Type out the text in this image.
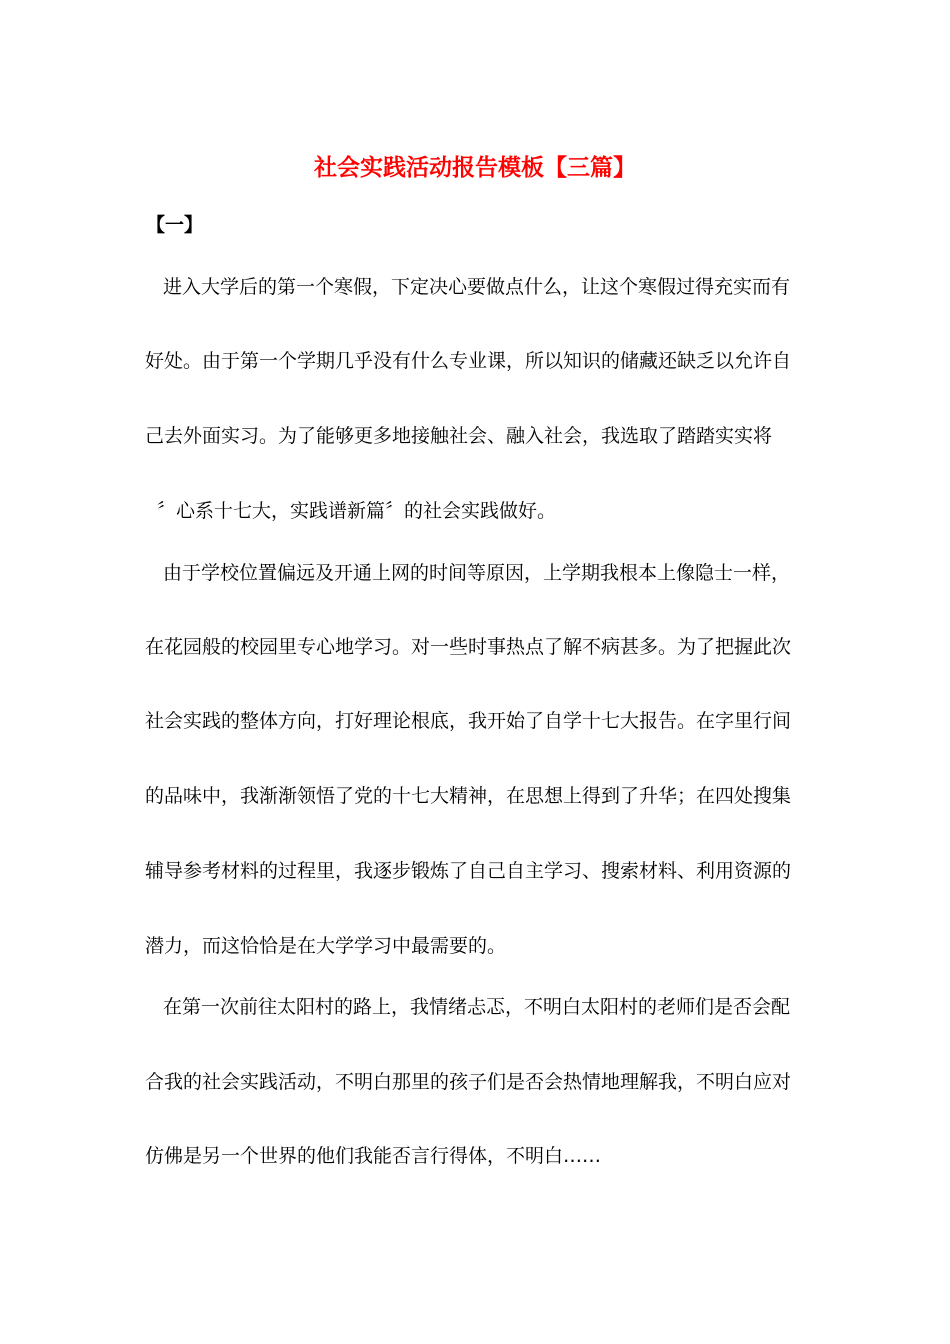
社会实践活动报告模板【三篇】
【一】
进入大学后的第一个寒假，下定决心要做点什么，让这个寒假过得充实而有
好处。由于第一个学期几乎没有什么专业课，所以知识的储藏还缺乏以允许自
己去外面实习。为了能够更多地接触社会、融入社会，我选取了踏踏实实将
〞心系十七大，实践谱新篇〞的社会实践做好。
由于学校位置偏远及开通上网的时间等原因，上学期我根本上像隐士一样，
在花园般的校园里专心地学习。对一些时事热点了解不病甚多。为了把握此次
社会实践的整体方向，打好理论根底，我开始了自学十七大报告。在字里行间
的品味中，我渐渐领悟了党的十七大精神，在思想上得到了升华；在四处搜集
辅导参考材料的过程里，我逐步锻炼了自己自主学习、搜索材料、利用资源的
潜力，而这恰恰是在大学学习中最需要的。
在第一次前往太阳村的路上，我情绪忐忑，不明白太阳村的老师们是否会配
合我的社会实践活动，不明白那里的孩子们是否会热情地理解我，不明白应对
仿佛是另一个世界的他们我能否言行得体，不明白……
